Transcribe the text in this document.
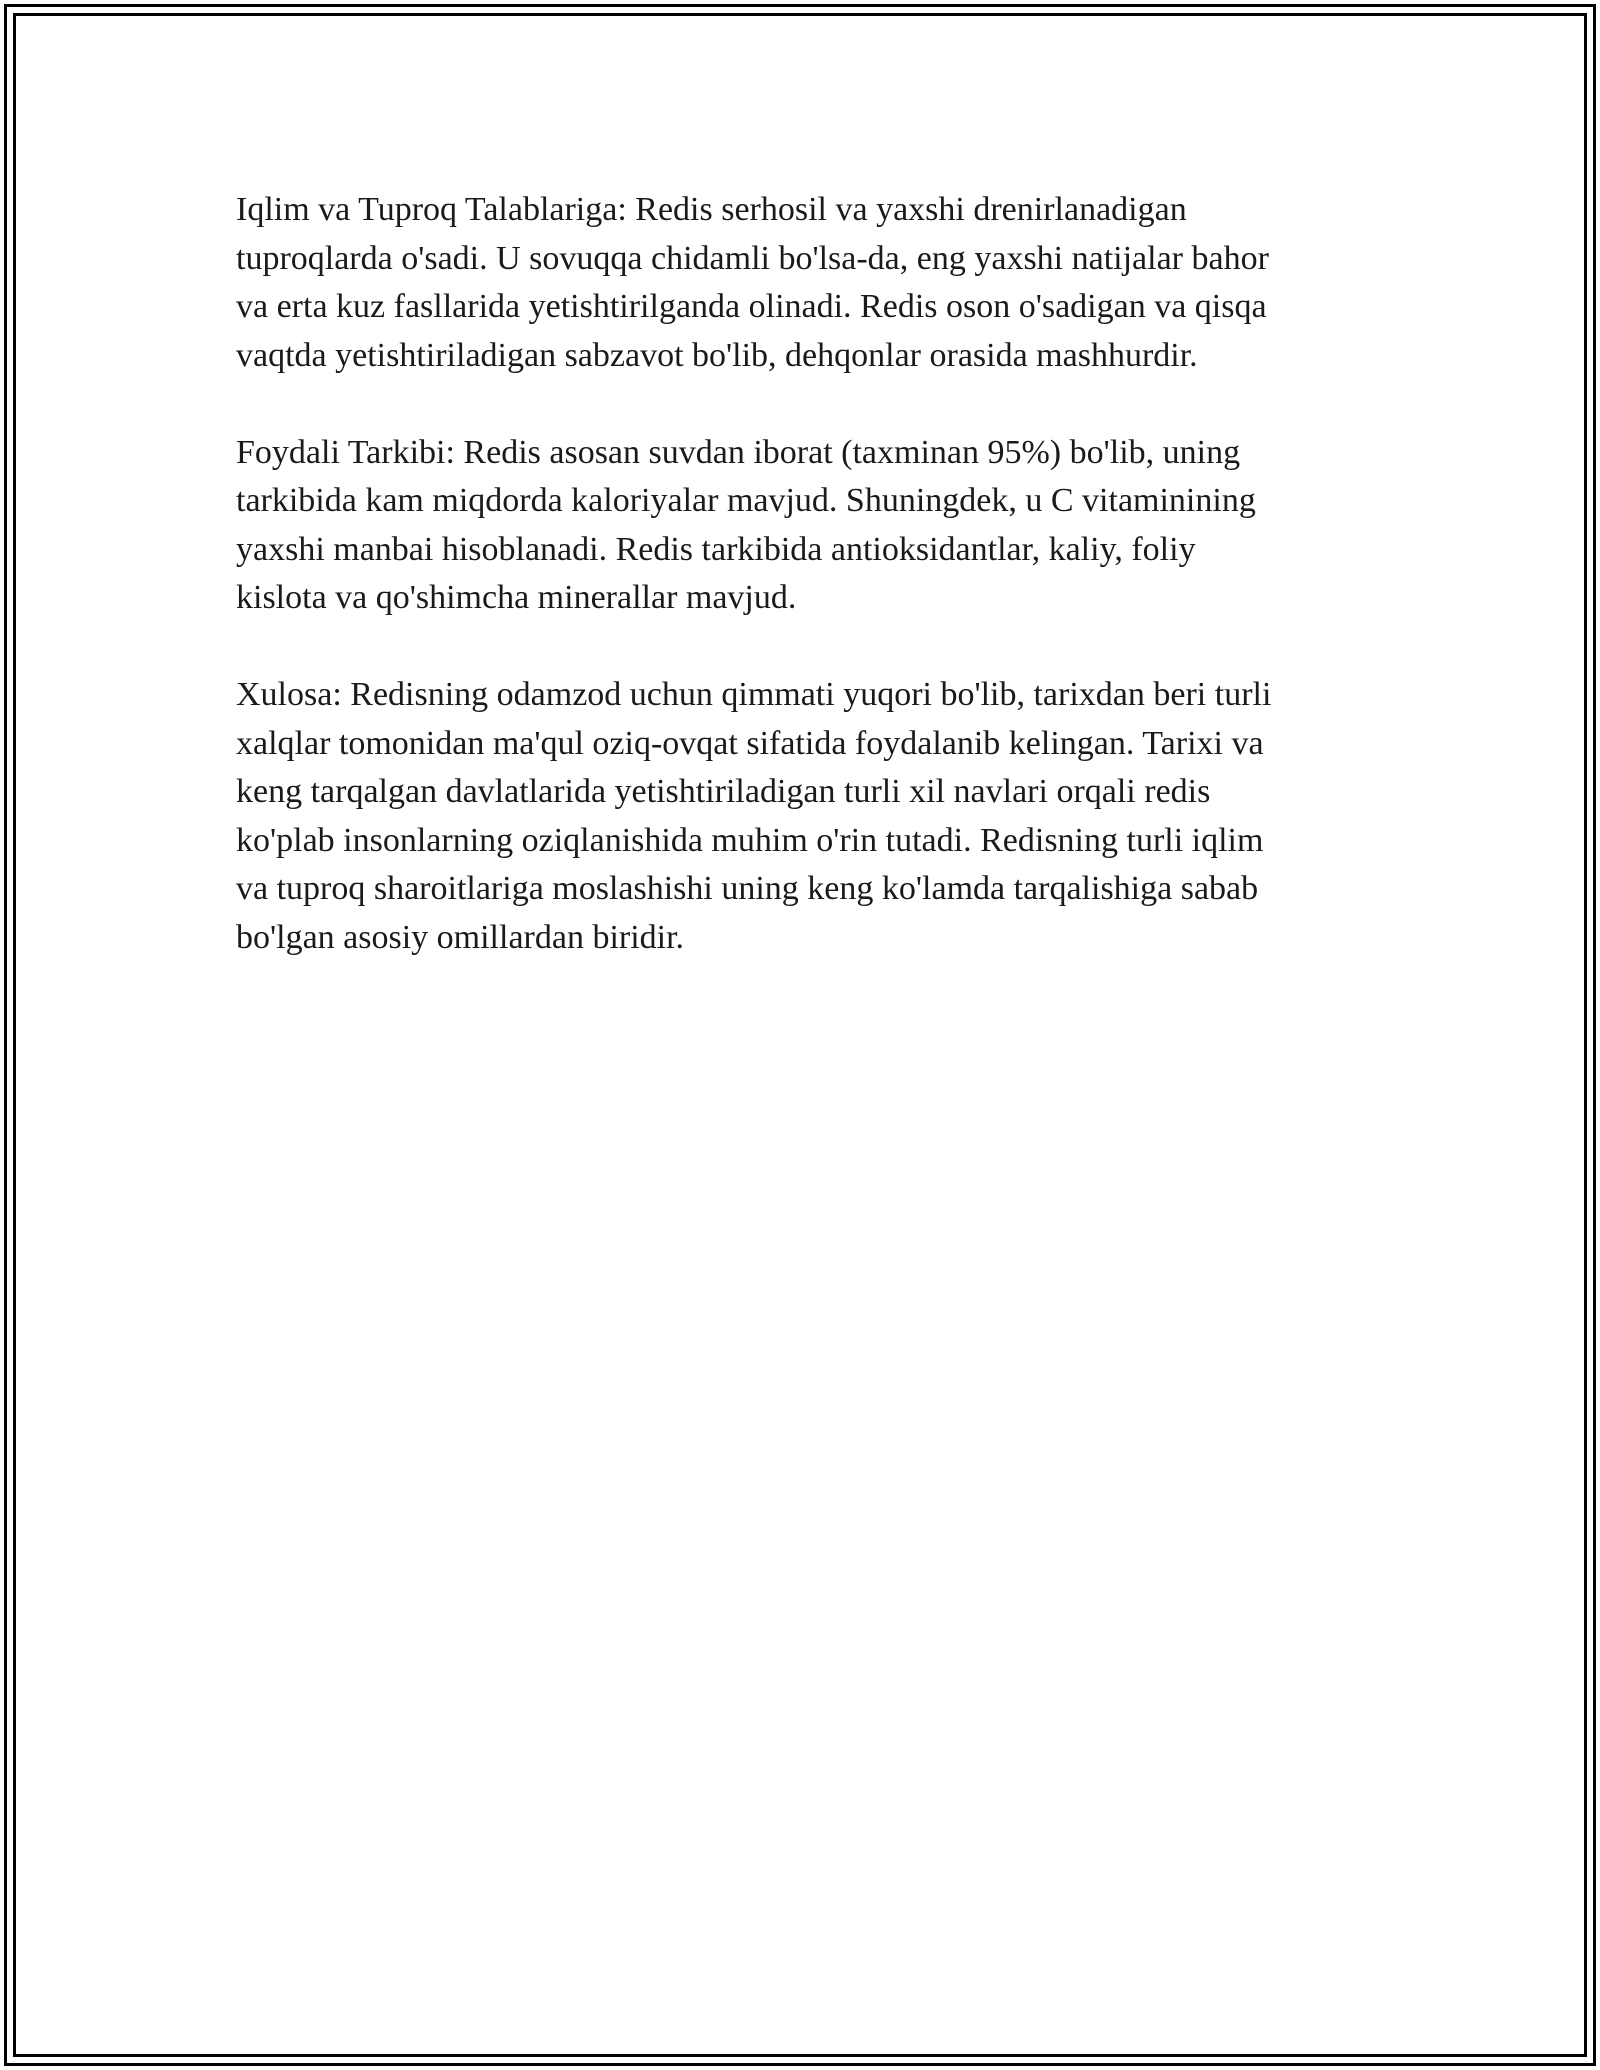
Iqlim va Tuproq Talablariga: Redis serhosil va yaxshi drenirlanadigan
tuproqlarda o'sadi. U sovuqqa chidamli bo'lsa-da, eng yaxshi natijalar bahor
va erta kuz fasllarida yetishtirilganda olinadi. Redis oson o'sadigan va qisqa
vaqtda yetishtiriladigan sabzavot bo'lib, dehqonlar orasida mashhurdir.

Foydali Tarkibi: Redis asosan suvdan iborat (taxminan 95%) bo'lib, uning
tarkibida kam miqdorda kaloriyalar mavjud. Shuningdek, u C vitaminining
yaxshi manbai hisoblanadi. Redis tarkibida antioksidantlar, kaliy, foliy
kislota va qo'shimcha minerallar mavjud.

Xulosa: Redisning odamzod uchun qimmati yuqori bo'lib, tarixdan beri turli
xalqlar tomonidan ma'qul oziq-ovqat sifatida foydalanib kelingan. Tarixi va
keng tarqalgan davlatlarida yetishtiriladigan turli xil navlari orqali redis
ko'plab insonlarning oziqlanishida muhim o'rin tutadi. Redisning turli iqlim
va tuproq sharoitlariga moslashishi uning keng ko'lamda tarqalishiga sabab
bo'lgan asosiy omillardan biridir.
